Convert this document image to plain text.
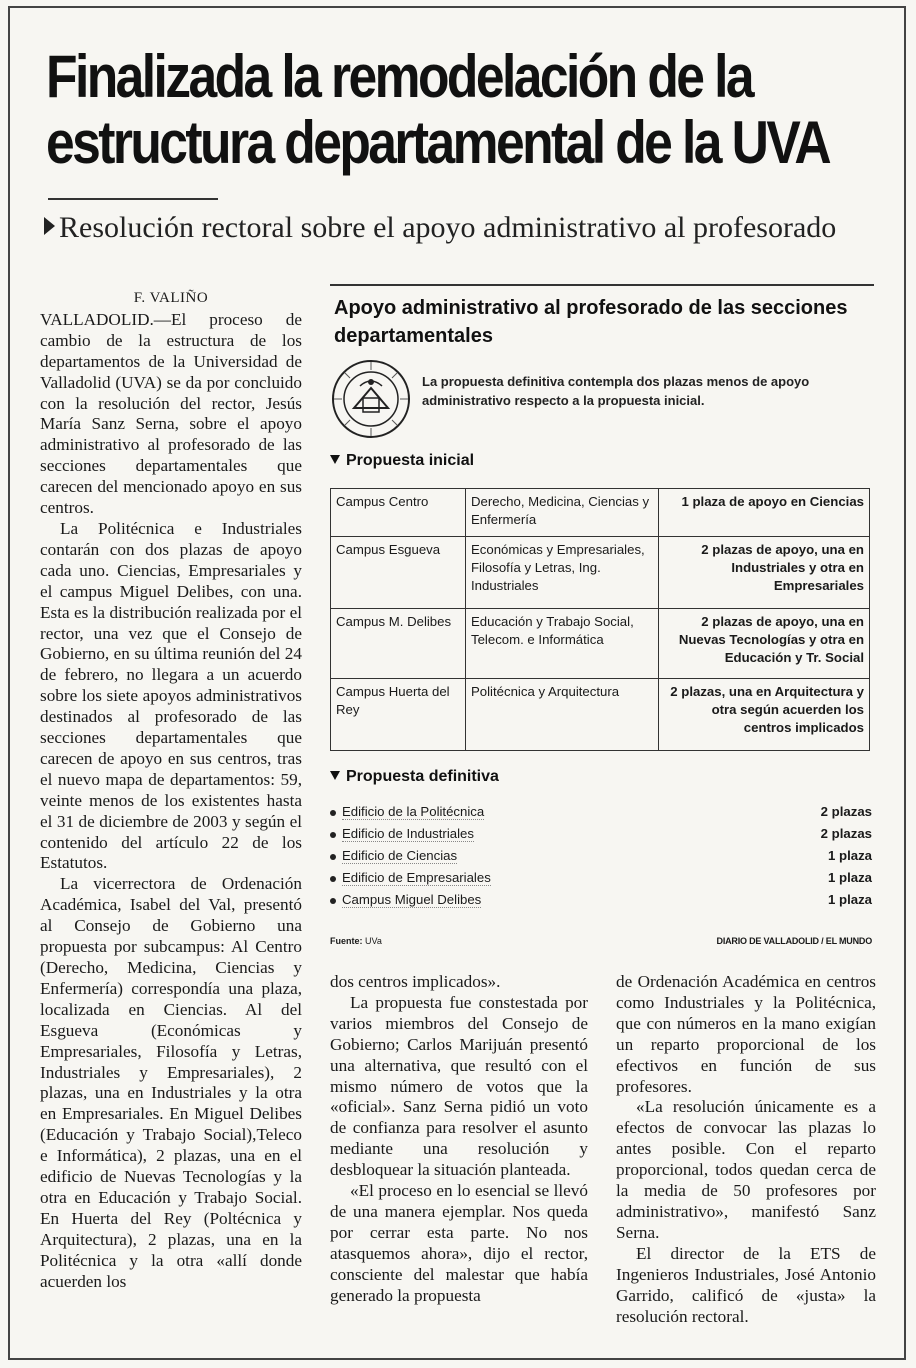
Finalizada la remodelación de la
estructura departamental de la UVA
Resolución rectoral sobre el apoyo administrativo al profesorado

F. VALIÑO

VALLADOLID.—El proceso de cambio de la estructura de los departamentos de la Universidad de Valladolid (UVA) se da por concluido con la resolución del rector, Jesús María Sanz Serna, sobre el apoyo administrativo al profesorado de las secciones departamentales que carecen del mencionado apoyo en sus centros.

La Politécnica e Industriales contarán con dos plazas de apoyo cada uno. Ciencias, Empresariales y el campus Miguel Delibes, con una. Esta es la distribución realizada por el rector, una vez que el Consejo de Gobierno, en su última reunión del 24 de febrero, no llegara a un acuerdo sobre los siete apoyos administrativos destinados al profesorado de las secciones departamentales que carecen de apoyo en sus centros, tras el nuevo mapa de departamentos: 59, veinte menos de los existentes hasta el 31 de diciembre de 2003 y según el contenido del artículo 22 de los Estatutos.

La vicerrectora de Ordenación Académica, Isabel del Val, presentó al Consejo de Gobierno una propuesta por subcampus: Al Centro (Derecho, Medicina, Ciencias y Enfermería) correspondía una plaza, localizada en Ciencias. Al del Esgueva (Económicas y Empresariales, Filosofía y Letras, Industriales y Empresariales), 2 plazas, una en Industriales y la otra en Empresariales. En Miguel Delibes (Educación y Trabajo Social),Teleco e Informática), 2 plazas, una en el edificio de Nuevas Tecnologías y la otra en Educación y Trabajo Social. En Huerta del Rey (Poltécnica y Arquitectura), 2 plazas, una en la Politécnica y la otra «allí donde acuerden los

Apoyo administrativo al profesorado de las secciones departamentales
La propuesta definitiva contempla dos plazas menos de apoyo administrativo respecto a la propuesta inicial.
Propuesta inicial
Campus Centro	Derecho, Medicina, Ciencias y Enfermería	1 plaza de apoyo en Ciencias
Campus Esgueva	Económicas y Empresariales, Filosofía y Letras, Ing. Industriales	2 plazas de apoyo, una en Industriales y otra en Empresariales
Campus M. Delibes	Educación y Trabajo Social, Telecom. e Informática	2 plazas de apoyo, una en Nuevas Tecnologías y otra en Educación y Tr. Social
Campus Huerta del Rey	Politécnica y Arquitectura	2 plazas, una en Arquitectura y otra según acuerden los centros implicados
Propuesta definitiva
Edificio de la Politécnica	2 plazas
Edificio de Industriales	2 plazas
Edificio de Ciencias	1 plaza
Edificio de Empresariales	1 plaza
Campus Miguel Delibes	1 plaza
Fuente: UVa	DIARIO DE VALLADOLID / EL MUNDO

dos centros implicados».

La propuesta fue constestada por varios miembros del Consejo de Gobierno; Carlos Marijuán presentó una alternativa, que resultó con el mismo número de votos que la «oficial». Sanz Serna pidió un voto de confianza para resolver el asunto mediante una resolución y desbloquear la situación planteada.

«El proceso en lo esencial se llevó de una manera ejemplar. Nos queda por cerrar esta parte. No nos atasquemos ahora», dijo el rector, consciente del malestar que había generado la propuesta

de Ordenación Académica en centros como Industriales y la Politécnica, que con números en la mano exigían un reparto proporcional de los efectivos en función de sus profesores.

«La resolución únicamente es a efectos de convocar las plazas lo antes posible. Con el reparto proporcional, todos quedan cerca de la media de 50 profesores por administrativo», manifestó Sanz Serna.

El director de la ETS de Ingenieros Industriales, José Antonio Garrido, calificó de «justa» la resolución rectoral.
